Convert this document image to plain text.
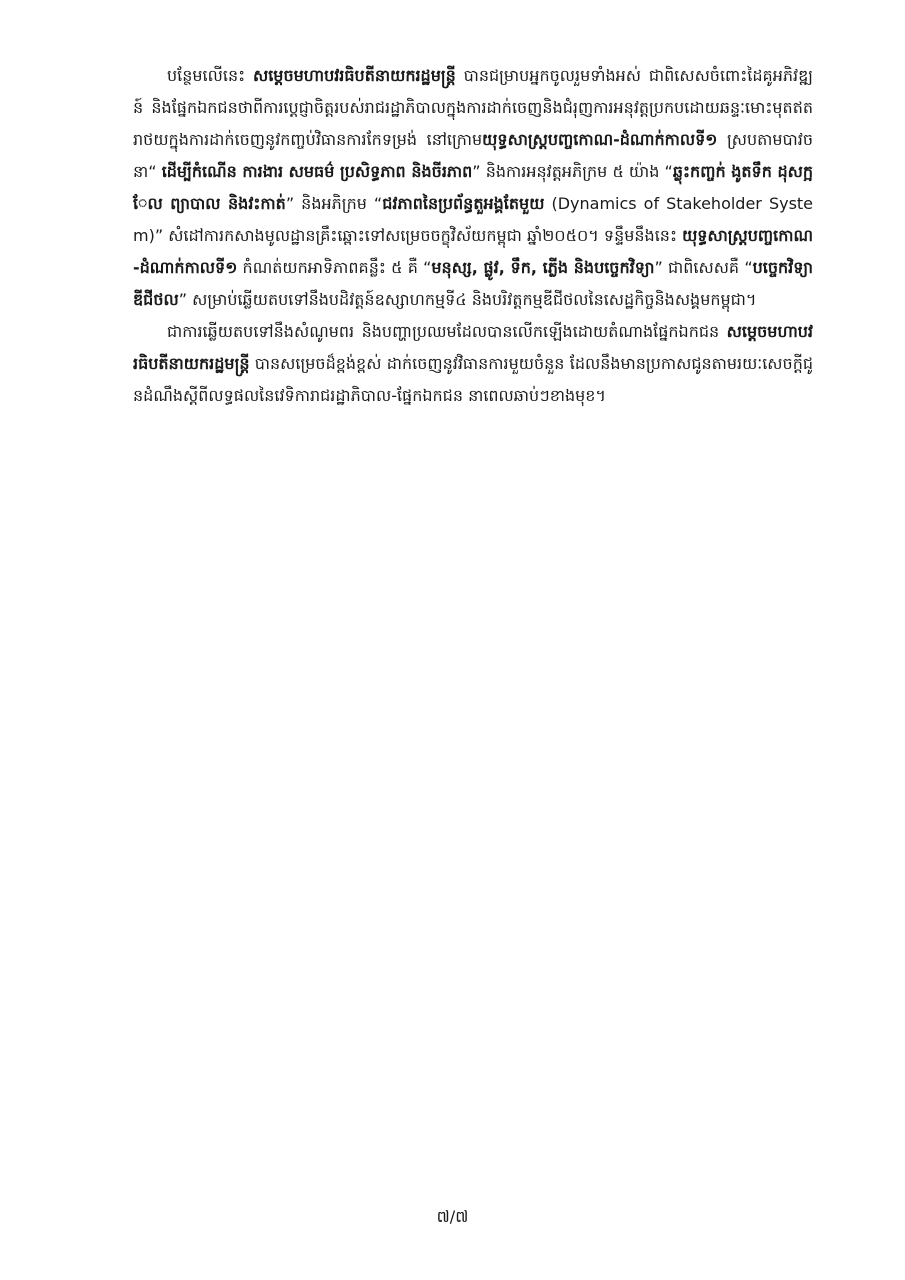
បន្ថែមលើនេះ សម្តេចមហាបវរធិបតីនាយករដ្ឋមន្ត្រី បានជម្រាបអ្នកចូលរួមទាំងអស់ ជាពិសេសចំពោះដៃគូអភិវឌ្ឍន៍ និងផ្នែកឯកជនថាពីការប្តេជ្ញាចិត្តរបស់រាជរដ្ឋាភិបាលក្នុងការដាក់ចេញនិងជំរុញការអនុវត្តប្រកបដោយឆន្ទៈមោះមុតឥតរាថយក្នុងការដាក់ចេញនូវកញ្ចប់វិធានការកែទម្រង់ នៅក្រោមយុទ្ធសាស្ត្របញ្ចកោណ-ដំណាក់កាលទី១ ស្របតាមបាវចនា“ ដើម្បីកំណើន ការងារ សមធម៌ ប្រសិទ្ធភាព និងចីរភាព” និងការអនុវត្តអភិក្រម ៥ យ៉ាង “ឆ្លុះកញ្ចក់ ងូតទឹក ដុសក្អែល ព្យាបាល និងវះកាត់” និងអភិក្រម “ជវភាពនៃប្រព័ន្ធតួអង្គតែមួយ (Dynamics of Stakeholder System)” សំដៅការកសាងមូលដ្ឋានគ្រឹះឆ្ពោះទៅសម្រេចចក្ខុវិស័យកម្ពុជា ឆ្នាំ២០៥០។ ទន្ទឹមនឹងនេះ យុទ្ធសាស្ត្របញ្ចកោណ-ដំណាក់កាលទី១ កំណត់យកអាទិភាពគន្លឹះ ៥ គឺ “មនុស្ស, ផ្លូវ, ទឹក, ភ្លើង និងបច្ចេកវិទ្យា” ជាពិសេសគឺ “បច្ចេកវិទ្យាឌីជីថល” សម្រាប់ឆ្លើយតបទៅនឹងបដិវត្តន៍ឧស្សាហកម្មទី៤ និងបរិវត្តកម្មឌីជីថលនៃសេដ្ឋកិច្ចនិងសង្គមកម្ពុជា។

ជាការឆ្លើយតបទៅនឹងសំណូមពរ និងបញ្ហាប្រឈមដែលបានលើកឡើងដោយតំណាងផ្នែកឯកជន សម្តេចមហាបវរធិបតីនាយករដ្ឋមន្ត្រី បានសម្រេចដ៏ខ្ពង់ខ្ពស់ ដាក់ចេញនូវវិធានការមួយចំនួន ដែលនឹងមានប្រកាសជូនតាមរយៈសេចក្តីជូនដំណឹងស្តីពីលទ្ធផលនៃវេទិការាជរដ្ឋាភិបាល-ផ្នែកឯកជន នាពេលឆាប់ៗខាងមុខ។

៧/៧
